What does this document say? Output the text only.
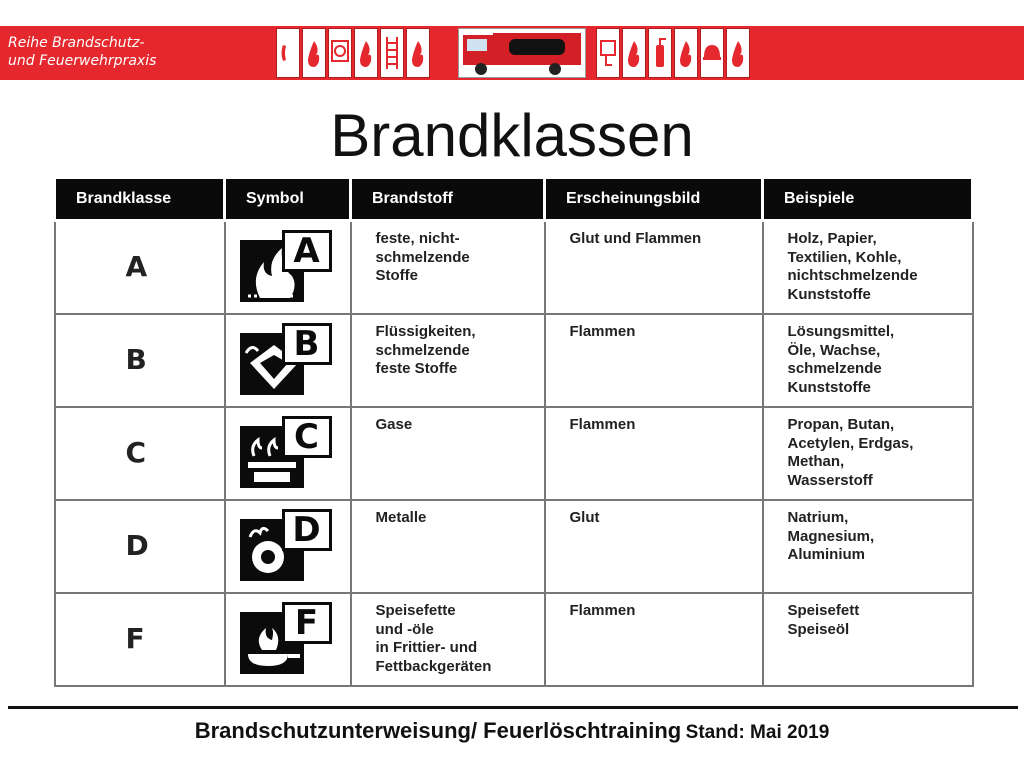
Reihe Brandschutz-
und Feuerwehrpraxis
Brandklassen
Brandklasse	Symbol	Brandstoff	Erscheinungsbild	Beispiele
A	A	feste, nicht-
schmelzende
Stoffe	Glut und Flammen	Holz, Papier,
Textilien, Kohle,
nichtschmelzende
Kunststoffe

B	B	Flüssigkeiten,
schmelzende
feste Stoffe	Flammen	Lösungsmittel,
Öle, Wachse,
schmelzende
Kunststoffe

C	C	Gase	Flammen	Propan, Butan,
Acetylen, Erdgas,
Methan,
Wasserstoff

D	D	Metalle	Glut	Natrium,
Magnesium,
Aluminium

F	F	Speisefette
und -öle
in Frittier- und
Fettbackgeräten	Flammen	Speisefett
Speiseöl
Brandschutzunterweisung/ Feuerlöschtraining Stand: Mai 2019
